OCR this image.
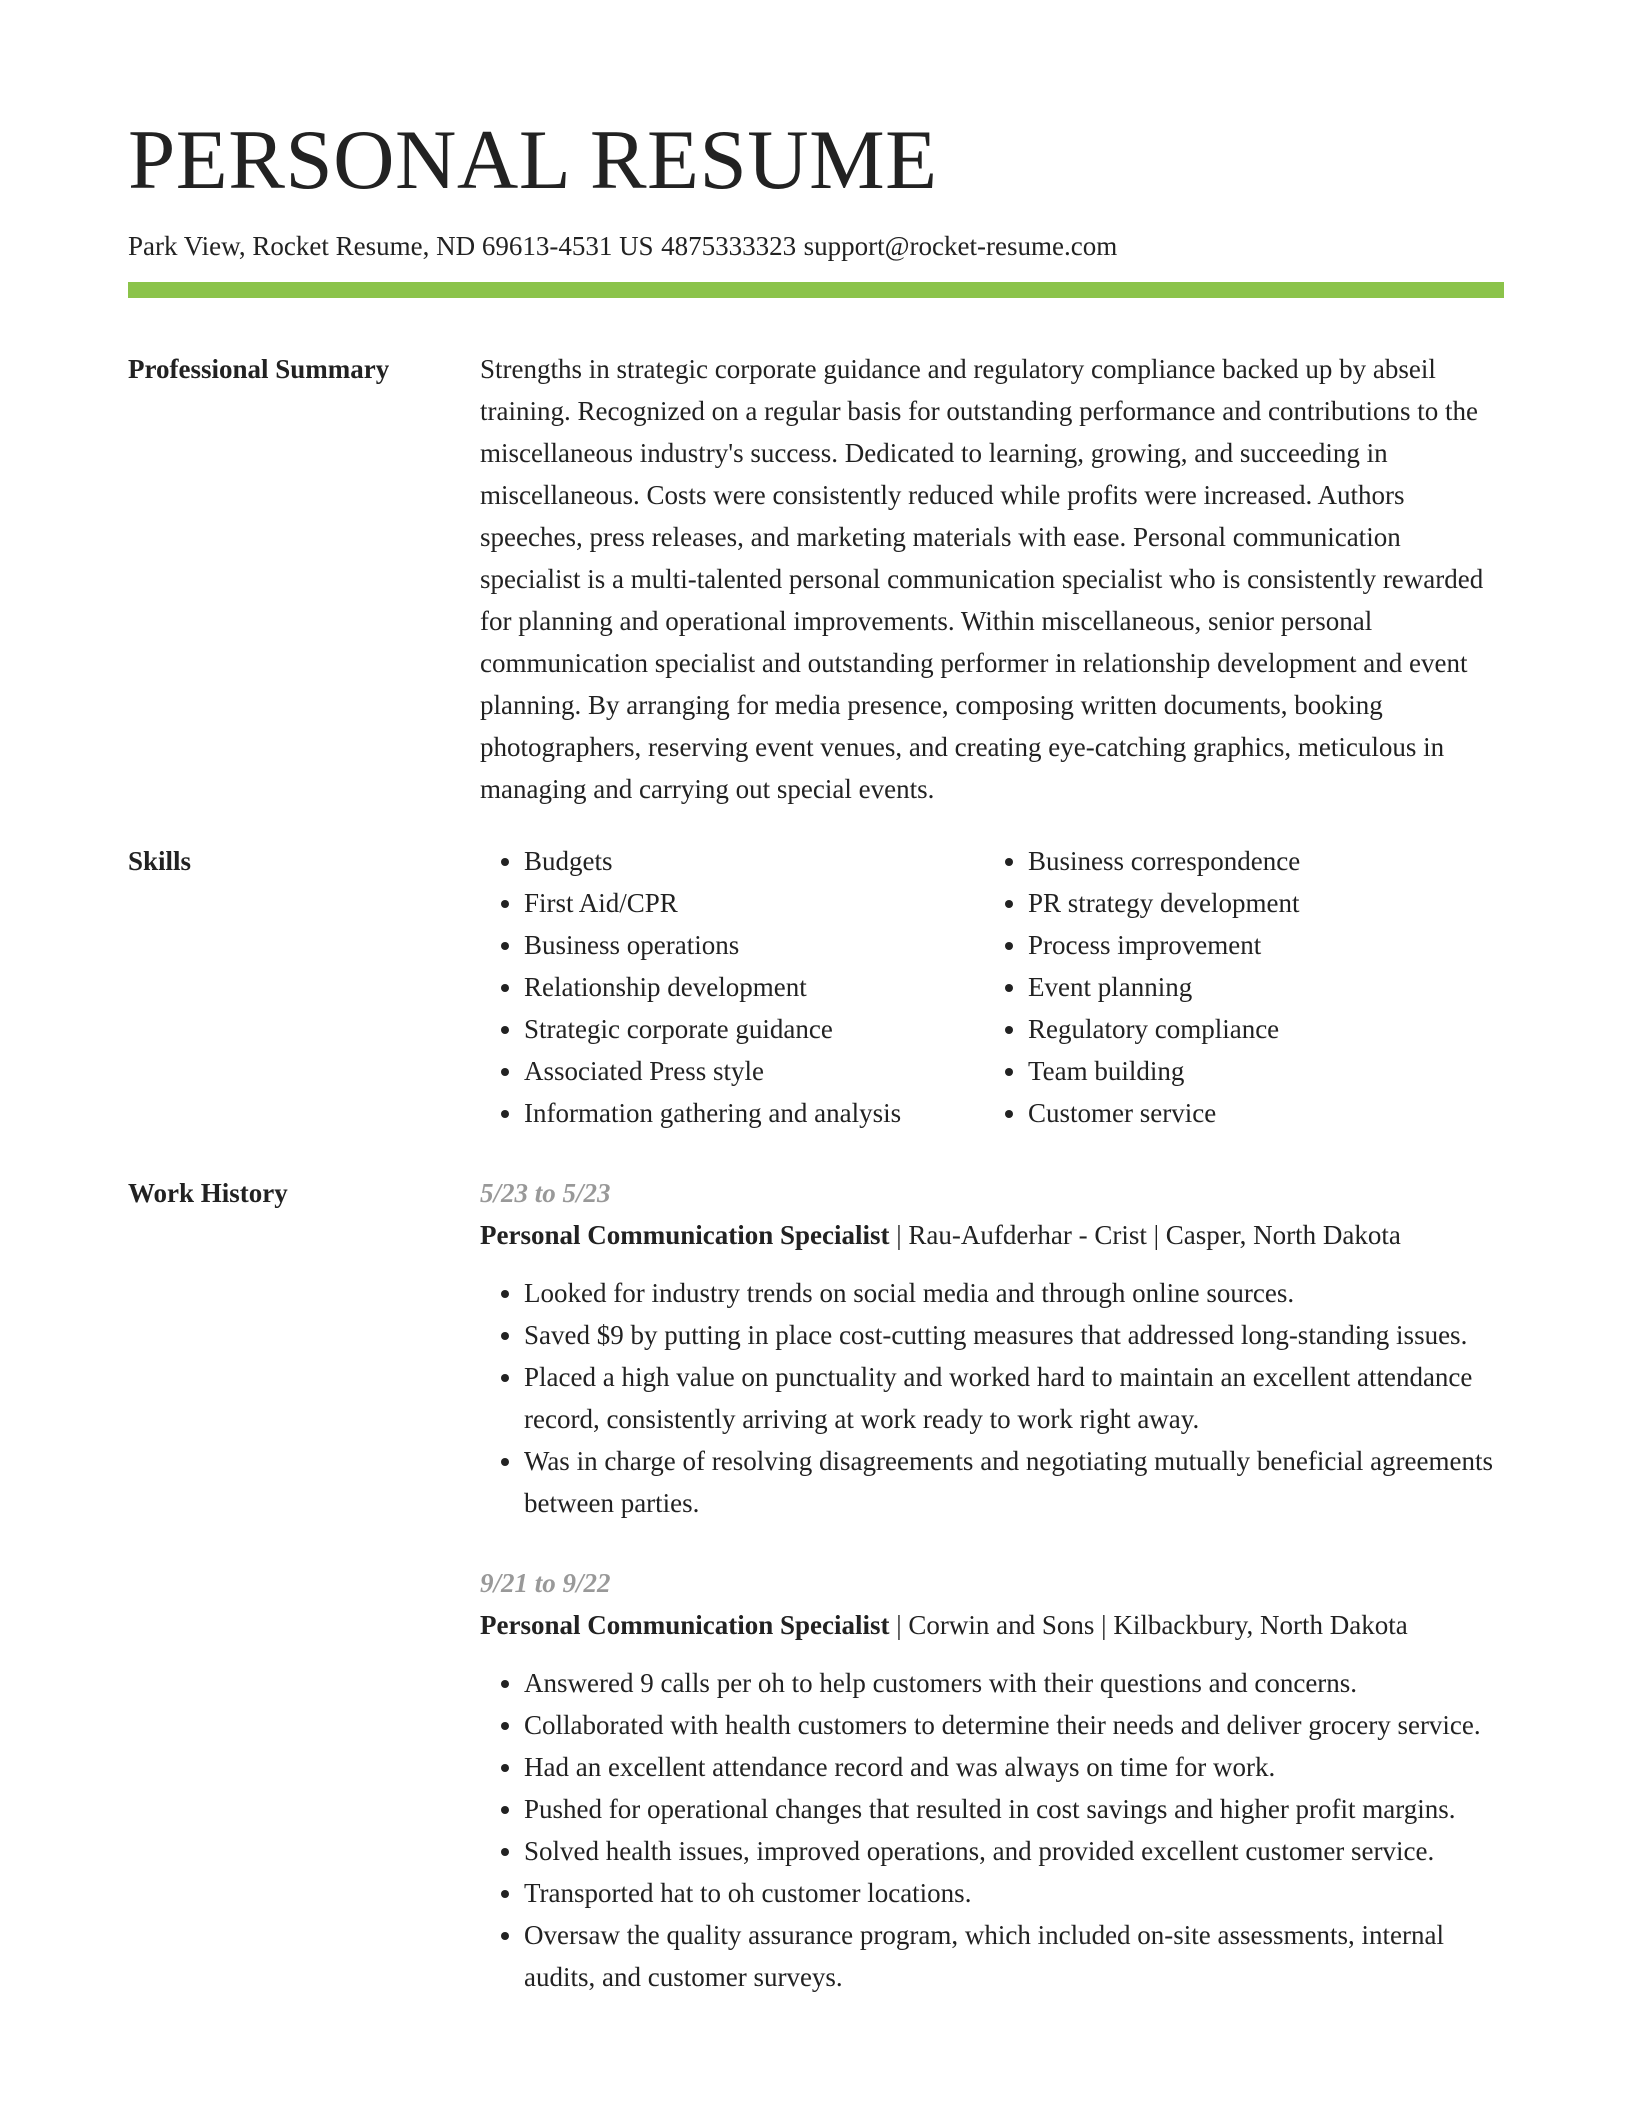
PERSONAL RESUME
Park View, Rocket Resume, ND 69613-4531 US 4875333323 support@rocket-resume.com
Professional Summary	Strengths in strategic corporate guidance and regulatory compliance backed up by abseil training. Recognized on a regular basis for outstanding performance and contributions to the miscellaneous industry's success. Dedicated to learning, growing, and succeeding in miscellaneous. Costs were consistently reduced while profits were increased. Authors speeches, press releases, and marketing materials with ease. Personal communication specialist is a multi-talented personal communication specialist who is consistently rewarded for planning and operational improvements. Within miscellaneous, senior personal communication specialist and outstanding performer in relationship development and event planning. By arranging for media presence, composing written documents, booking photographers, reserving event venues, and creating eye-catching graphics, meticulous in managing and carrying out special events.

Skills
•	Budgets
• First Aid/CPR
• Business operations
• Relationship development
• Strategic corporate guidance
• Associated Press style
• Information gathering and analysis
• Business correspondence
• PR strategy development
• Process improvement
• Event planning
• Regulatory compliance
• Team building
• Customer service
Work History	5/23 to 5/23
Personal Communication Specialist | Rau-Aufderhar - Crist | Casper, North Dakota
• Looked for industry trends on social media and through online sources.
• Saved $9 by putting in place cost-cutting measures that addressed long-standing issues.
• Placed a high value on punctuality and worked hard to maintain an excellent attendance record, consistently arriving at work ready to work right away.
• Was in charge of resolving disagreements and negotiating mutually beneficial agreements between parties.
9/21 to 9/22
Personal Communication Specialist | Corwin and Sons | Kilbackbury, North Dakota
• Answered 9 calls per oh to help customers with their questions and concerns.
• Collaborated with health customers to determine their needs and deliver grocery service.
• Had an excellent attendance record and was always on time for work.
• Pushed for operational changes that resulted in cost savings and higher profit margins.
• Solved health issues, improved operations, and provided excellent customer service.
• Transported hat to oh customer locations.
• Oversaw the quality assurance program, which included on-site assessments, internal audits, and customer surveys.
